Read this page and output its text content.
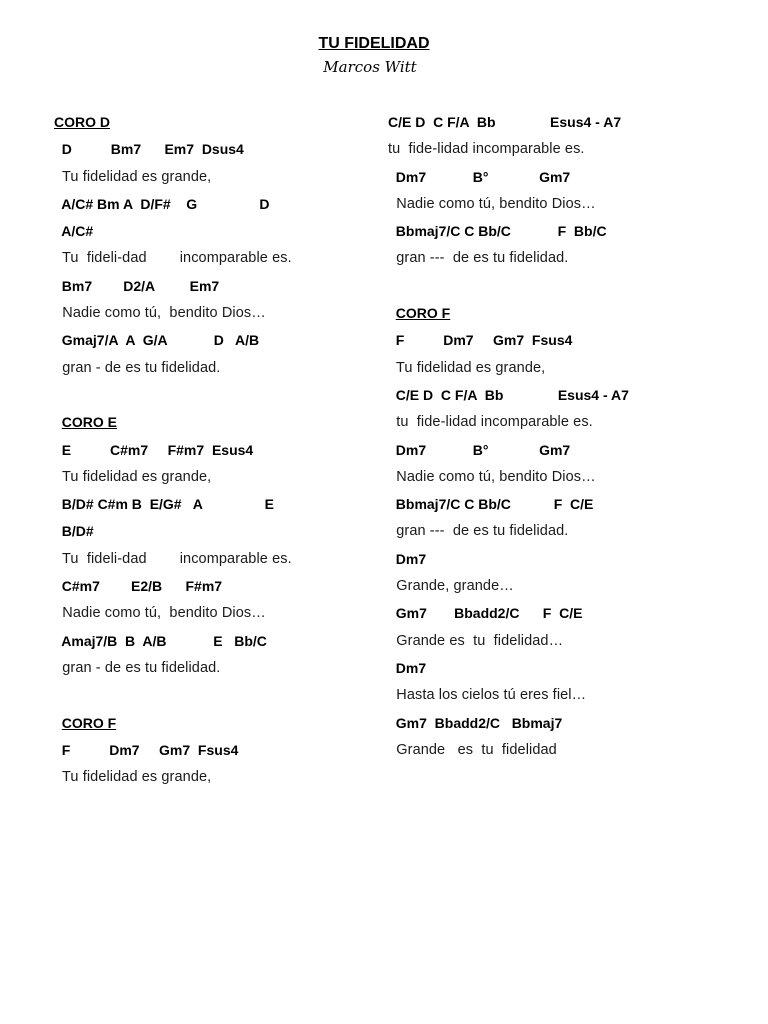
TU FIDELIDAD
Marcos Witt
CORO D
D          Bm7      Em7  Dsus4
Tu fidelidad es grande,
A/C# Bm A  D/F#    G                D
A/C#
Tu  fideli-dad        incomparable es.
Bm7        D2/A         Em7
Nadie como tú,  bendito Dios…
Gmaj7/A  A  G/A            D   A/B
gran - de es tu fidelidad.
CORO E
E          C#m7     F#m7  Esus4
Tu fidelidad es grande,
B/D# C#m B  E/G#   A                E
B/D#
Tu  fideli-dad        incomparable es.
C#m7        E2/B      F#m7
Nadie como tú,  bendito Dios…
Amaj7/B  B  A/B            E   Bb/C
gran - de es tu fidelidad.
CORO F
F          Dm7     Gm7  Fsus4
Tu fidelidad es grande,
C/E D  C F/A  Bb              Esus4 - A7
tu  fide-lidad incomparable es.
Dm7            B°             Gm7
Nadie como tú, bendito Dios…
Bbmaj7/C C Bb/C            F  Bb/C
gran ---  de es tu fidelidad.
CORO F
F          Dm7     Gm7  Fsus4
Tu fidelidad es grande,
C/E D  C F/A  Bb              Esus4 - A7
tu  fide-lidad incomparable es.
Dm7            B°             Gm7
Nadie como tú, bendito Dios…
Bbmaj7/C C Bb/C           F  C/E
gran ---  de es tu fidelidad.
Dm7
Grande, grande…
Gm7       Bbadd2/C      F  C/E
Grande es  tu  fidelidad…
Dm7
Hasta los cielos tú eres fiel…
Gm7  Bbadd2/C   Bbmaj7
Grande   es  tu  fidelidad
